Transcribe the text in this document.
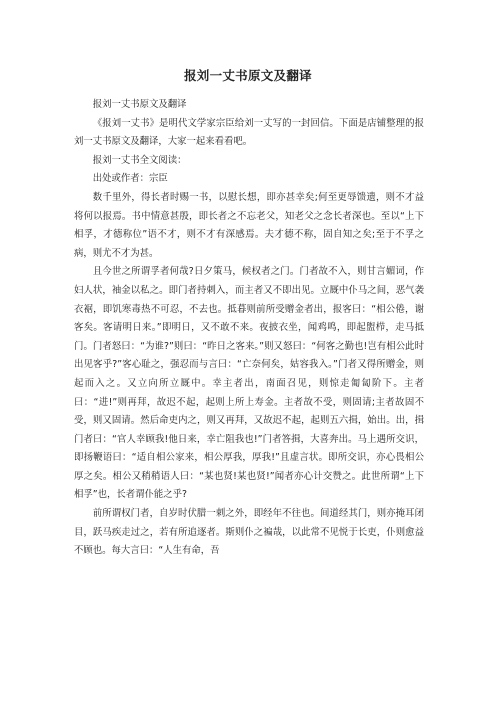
报刘一丈书原文及翻译

报刘一丈书原文及翻译

《报刘一丈书》是明代文学家宗臣给刘一丈写的一封回信。下面是店铺整理的报刘一丈书原文及翻译，大家一起来看看吧。

报刘一丈书全文阅读：

出处或作者：宗臣

数千里外，得长者时赐一书，以慰长想，即亦甚幸矣;何至更辱馈遗，则不才益将何以报焉。书中情意甚殷，即长者之不忘老父，知老父之念长者深也。至以“上下相孚，才德称位”语不才，则不才有深感焉。夫才德不称，固自知之矣;至于不孚之病，则尤不才为甚。

且今世之所谓孚者何哉?日夕策马，候权者之门。门者故不入，则甘言媚词，作妇人状，袖金以私之。即门者持刺入，而主者又不即出见。立厩中仆马之间，恶气袭衣裾，即饥寒毒热不可忍，不去也。抵暮则前所受赠金者出，报客曰：“相公倦，谢客矣。客请明日来。”即明日，又不敢不来。夜披衣坐，闻鸡鸣，即起盥栉，走马抵门。门者怒曰：“为谁?”则曰：“昨日之客来。”则又怒曰：“何客之勤也!岂有相公此时出见客乎?”客心耻之，强忍而与言曰：“亡奈何矣，姑容我入。”门者又得所赠金，则起而入之。又立向所立厩中。幸主者出，南面召见，则惊走匍匐阶下。主者曰：“进!”则再拜，故迟不起，起则上所上寿金。主者故不受，则固请;主者故固不受，则又固请。然后命吏内之，则又再拜，又故迟不起，起则五六揖，始出。出，揖门者曰：“官人幸顾我!他日来，幸亡阻我也!”门者答揖，大喜奔出。马上遇所交识，即扬鞭语曰：“适自相公家来，相公厚我，厚我!”且虚言状。即所交识，亦心畏相公厚之矣。相公又稍稍语人曰：“某也贤!某也贤!”闻者亦心计交赞之。此世所谓“上下相孚”也，长者谓仆能之乎?

前所谓权门者，自岁时伏腊一刺之外，即经年不往也。间道经其门，则亦掩耳闭目，跃马疾走过之，若有所追逐者。斯则仆之褊哉，以此常不见悦于长吏，仆则愈益不顾也。每大言曰：“人生有命，吾
